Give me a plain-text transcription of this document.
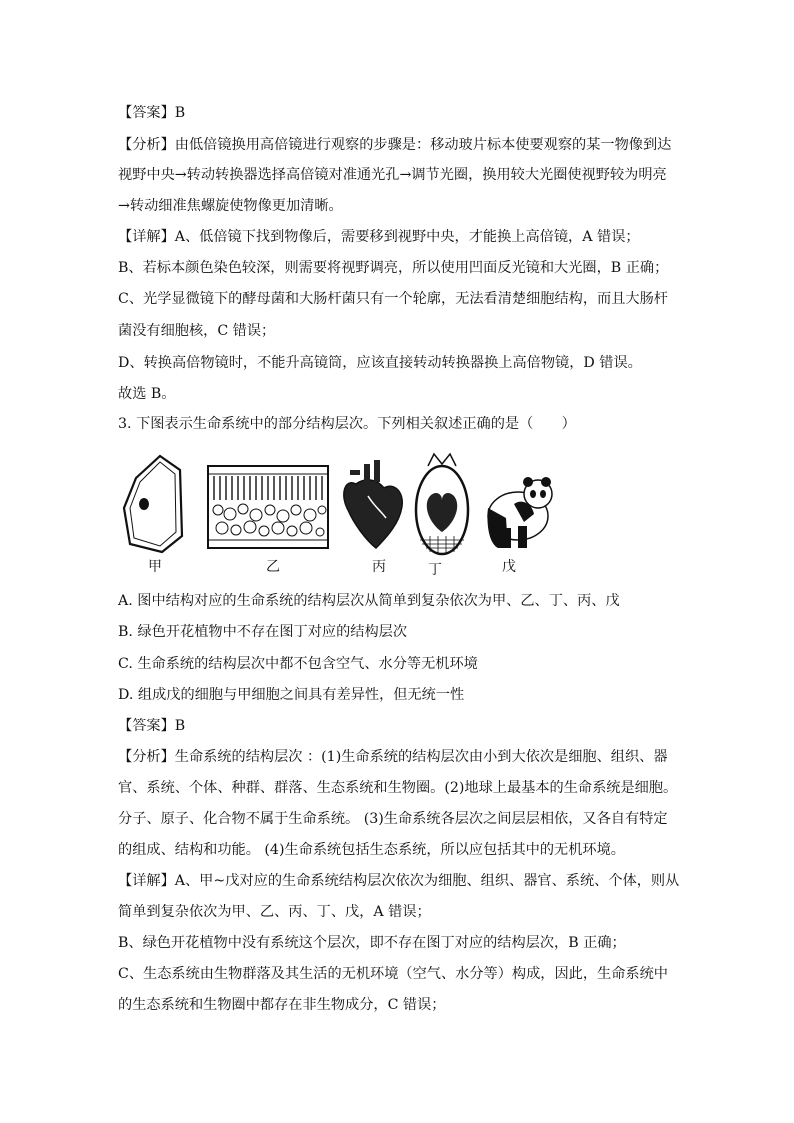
【答案】B
【分析】由低倍镜换用高倍镜进行观察的步骤是：移动玻片标本使要观察的某一物像到达
视野中央→转动转换器选择高倍镜对准通光孔→调节光圈，换用较大光圈使视野较为明亮
→转动细准焦螺旋使物像更加清晰。
【详解】A、低倍镜下找到物像后，需要移到视野中央，才能换上高倍镜，A 错误；
B、若标本颜色染色较深，则需要将视野调亮，所以使用凹面反光镜和大光圈，B 正确；
C、光学显微镜下的酵母菌和大肠杆菌只有一个轮廓，无法看清楚细胞结构，而且大肠杆
菌没有细胞核，C 错误；
D、转换高倍物镜时，不能升高镜筒，应该直接转动转换器换上高倍物镜，D 错误。
故选 B。
3. 下图表示生命系统中的部分结构层次。下列相关叙述正确的是（　　）
甲	乙	丙	丁	戊
A. 图中结构对应的生命系统的结构层次从简单到复杂依次为甲、乙、丁、丙、戊
B. 绿色开花植物中不存在图丁对应的结构层次
C. 生命系统的结构层次中都不包含空气、水分等无机环境
D. 组成戊的细胞与甲细胞之间具有差异性，但无统一性
【答案】B
【分析】生命系统的结构层次 ：(1)生命系统的结构层次由小到大依次是细胞、组织、器
官、系统、个体、种群、群落、生态系统和生物圈。(2)地球上最基本的生命系统是细胞。
分子、原子、化合物不属于生命系统。 (3)生命系统各层次之间层层相依，又各自有特定
的组成、结构和功能。 (4)生命系统包括生态系统，所以应包括其中的无机环境。
【详解】A、甲~戊对应的生命系统结构层次依次为细胞、组织、器官、系统、个体，则从
简单到复杂依次为甲、乙、丙、丁、戊，A 错误；
B、绿色开花植物中没有系统这个层次，即不存在图丁对应的结构层次，B 正确；
C、生态系统由生物群落及其生活的无机环境（空气、水分等）构成，因此，生命系统中
的生态系统和生物圈中都存在非生物成分，C 错误；
